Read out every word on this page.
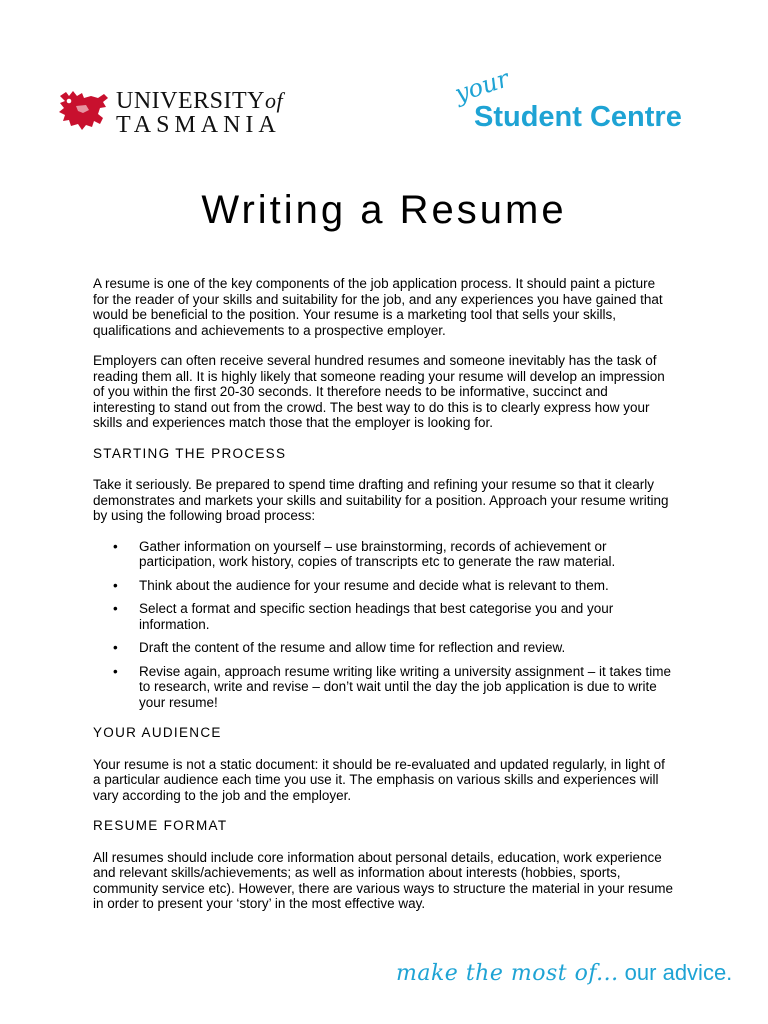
UNIVERSITYof
TASMANIA
your
Student Centre
Writing a Resume

A resume is one of the key components of the job application process. It should paint a picture for the reader of your skills and suitability for the job, and any experiences you have gained that would be beneficial to the position. Your resume is a marketing tool that sells your skills, qualifications and achievements to a prospective employer.

Employers can often receive several hundred resumes and someone inevitably has the task of reading them all. It is highly likely that someone reading your resume will develop an impression of you within the first 20-30 seconds. It therefore needs to be informative, succinct and interesting to stand out from the crowd. The best way to do this is to clearly express how your skills and experiences match those that the employer is looking for.

STARTING THE PROCESS

Take it seriously. Be prepared to spend time drafting and refining your resume so that it clearly demonstrates and markets your skills and suitability for a position. Approach your resume writing by using the following broad process:

• Gather information on yourself – use brainstorming, records of achievement or participation, work history, copies of transcripts etc to generate the raw material.
• Think about the audience for your resume and decide what is relevant to them.
• Select a format and specific section headings that best categorise you and your information.
• Draft the content of the resume and allow time for reflection and review.
• Revise again, approach resume writing like writing a university assignment – it takes time to research, write and revise – don’t wait until the day the job application is due to write your resume!
YOUR AUDIENCE

Your resume is not a static document: it should be re-evaluated and updated regularly, in light of a particular audience each time you use it. The emphasis on various skills and experiences will vary according to the job and the employer.

RESUME FORMAT

All resumes should include core information about personal details, education, work experience and relevant skills/achievements; as well as information about interests (hobbies, sports, community service etc). However, there are various ways to structure the material in your resume in order to present your ‘story’ in the most effective way.

make the most of... our advice.
